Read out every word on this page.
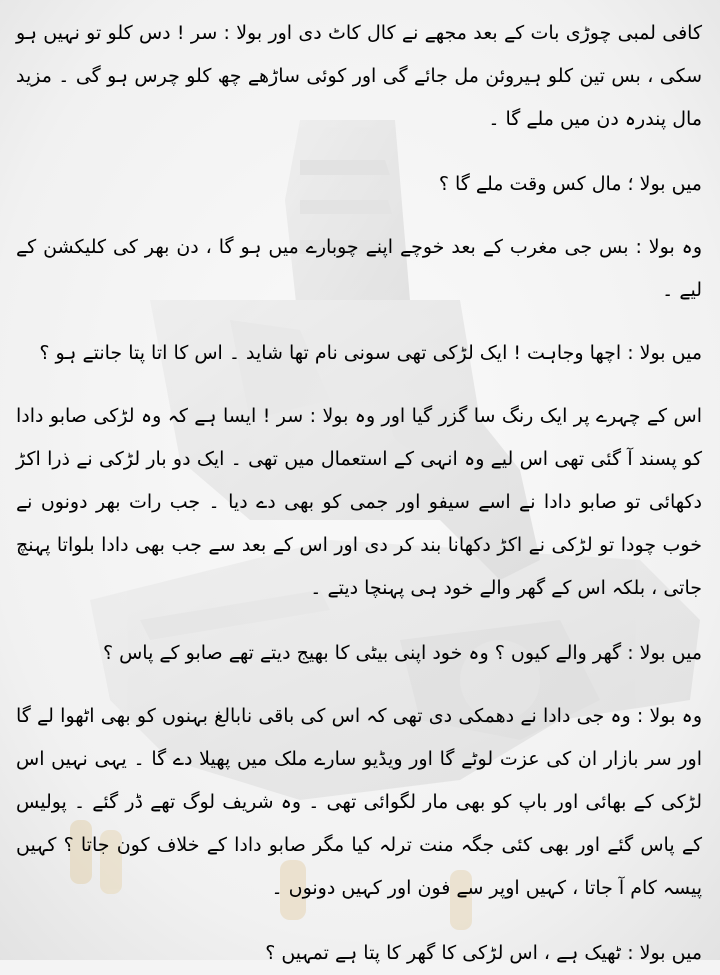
کافی لمبی چوڑی بات کے بعد مجھے نے کال کاٹ دی اور بولا : سر ! دس کلو تو نہیں ہو سکی ، بس تین کلو ہیروئن مل جائے گی اور کوئی ساڑھے چھ کلو چرس ہو گی ۔ مزید مال پندرہ دن میں ملے گا ۔

میں بولا ؛ مال کس وقت ملے گا ؟

وہ بولا : بس جی مغرب کے بعد خوچے اپنے چوبارے میں ہو گا ، دن بھر کی کلیکشن کے لیے ۔

میں بولا : اچھا وجاہت ! ایک لڑکی تھی سونی نام تھا شاید ۔ اس کا اتا پتا جانتے ہو ؟

اس کے چہرے پر ایک رنگ سا گزر گیا اور وہ بولا : سر ! ایسا ہے کہ وہ لڑکی صابو دادا کو پسند آ گئی تھی اس لیے وہ انہی کے استعمال میں تھی ۔ ایک دو بار لڑکی نے ذرا اکڑ دکھائی تو صابو دادا نے اسے سیفو اور جمی کو بھی دے دیا ۔ جب رات بھر دونوں نے خوب چودا تو لڑکی نے اکڑ دکھانا بند کر دی اور اس کے بعد سے جب بھی دادا بلواتا پہنچ جاتی ، بلکہ اس کے گھر والے خود ہی پہنچا دیتے ۔

میں بولا : گھر والے کیوں ؟ وہ خود اپنی بیٹی کا بھیج دیتے تھے صابو کے پاس ؟

وہ بولا : وہ جی دادا نے دھمکی دی تھی کہ اس کی باقی نابالغ بہنوں کو بھی اٹھوا لے گا اور سر بازار ان کی عزت لوٹے گا اور ویڈیو سارے ملک میں پھیلا دے گا ۔ یہی نہیں اس لڑکی کے بھائی اور باپ کو بھی مار لگوائی تھی ۔ وہ شریف لوگ تھے ڈر گئے ۔ پولیس کے پاس گئے اور بھی کئی جگہ منت ترلہ کیا مگر صابو دادا کے خلاف کون جاتا ؟ کہیں پیسہ کام آ جاتا ، کہیں اوپر سے فون اور کہیں دونوں ۔

میں بولا : ٹھیک ہے ، اس لڑکی کا گھر کا پتا ہے تمہیں ؟
